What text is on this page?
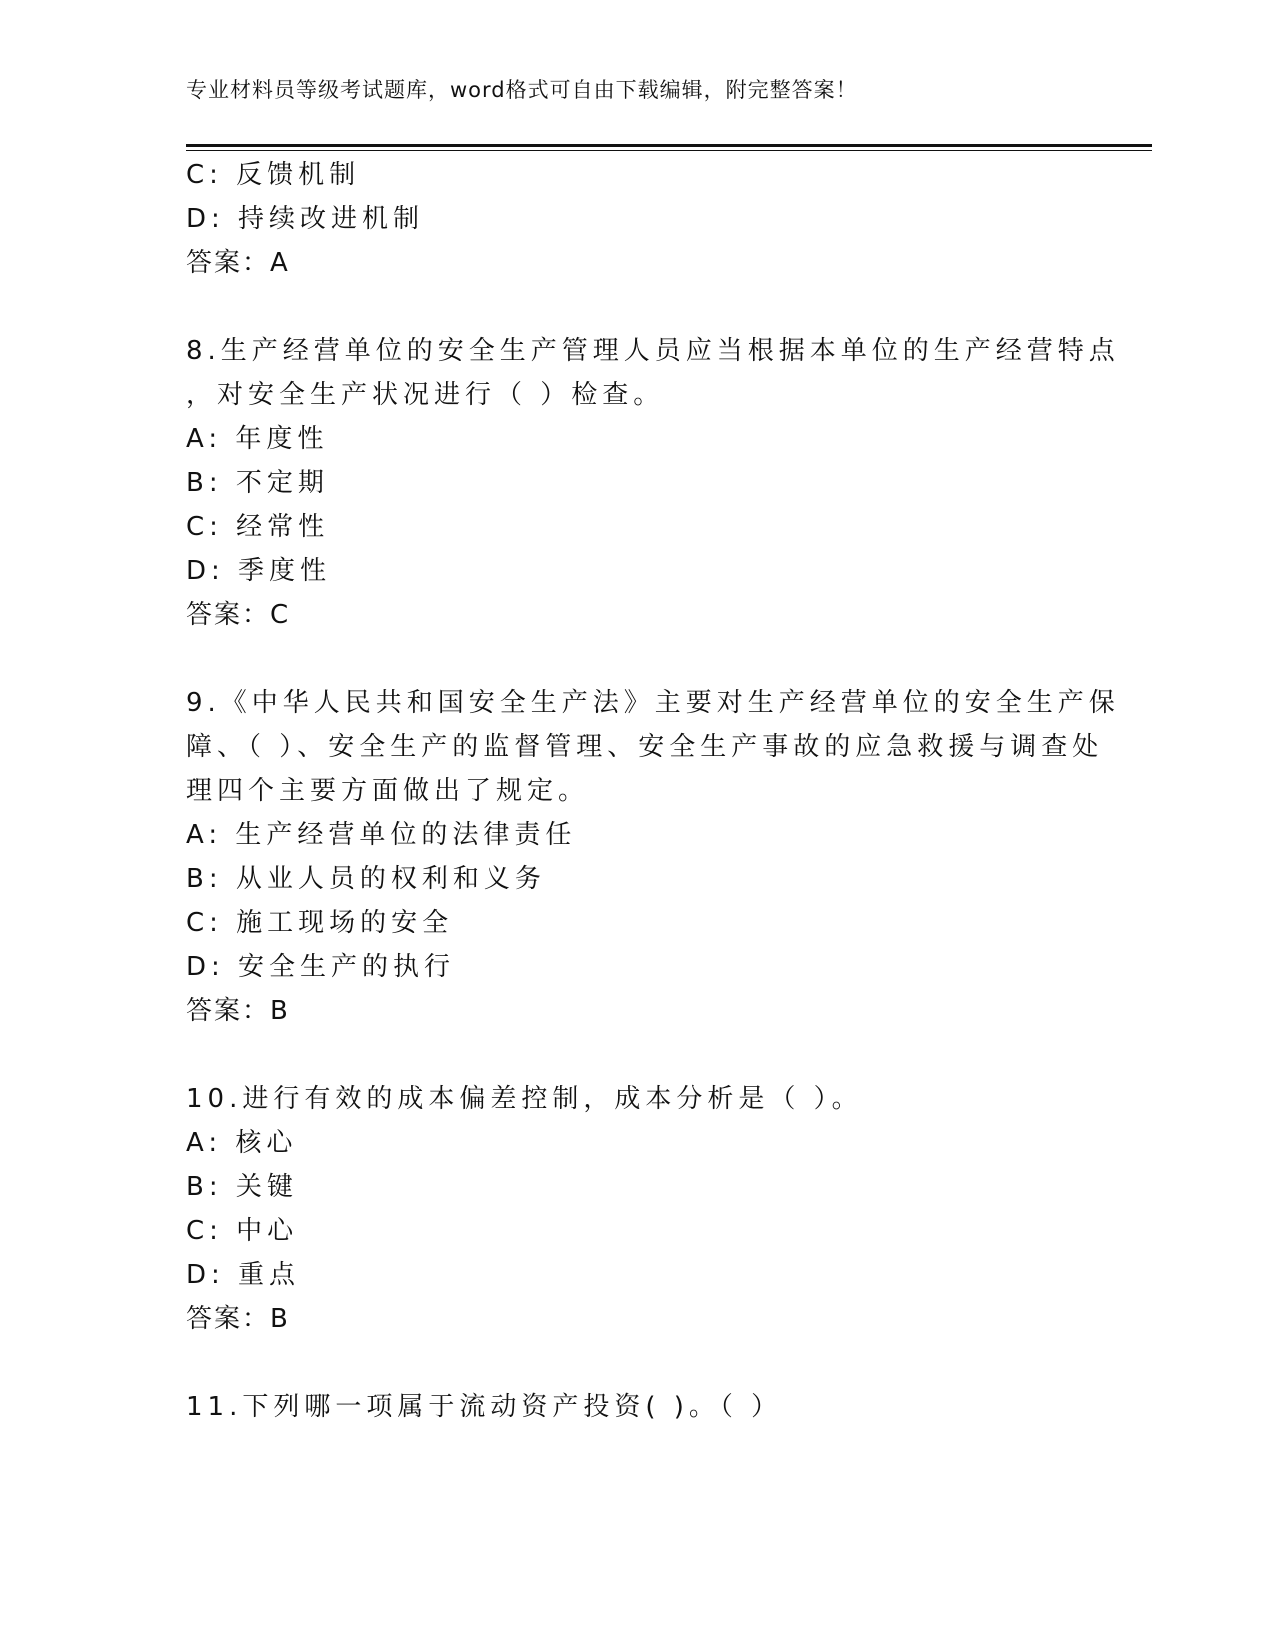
专业材料员等级考试题库，word格式可自由下载编辑，附完整答案！
C: 反馈机制
D: 持续改进机制
答案：A
8.生产经营单位的安全生产管理人员应当根据本单位的生产经营特点
，对安全生产状况进行（ ）检查。
A: 年度性
B: 不定期
C: 经常性
D: 季度性
答案：C
9.《中华人民共和国安全生产法》主要对生产经营单位的安全生产保
障、（ ）、安全生产的监督管理、安全生产事故的应急救援与调查处
理四个主要方面做出了规定。
A: 生产经营单位的法律责任
B: 从业人员的权利和义务
C: 施工现场的安全
D: 安全生产的执行
答案：B
10.进行有效的成本偏差控制，成本分析是（ ）。
A: 核心
B: 关键
C: 中心
D: 重点
答案：B
11.下列哪一项属于流动资产投资( )。（ ）
